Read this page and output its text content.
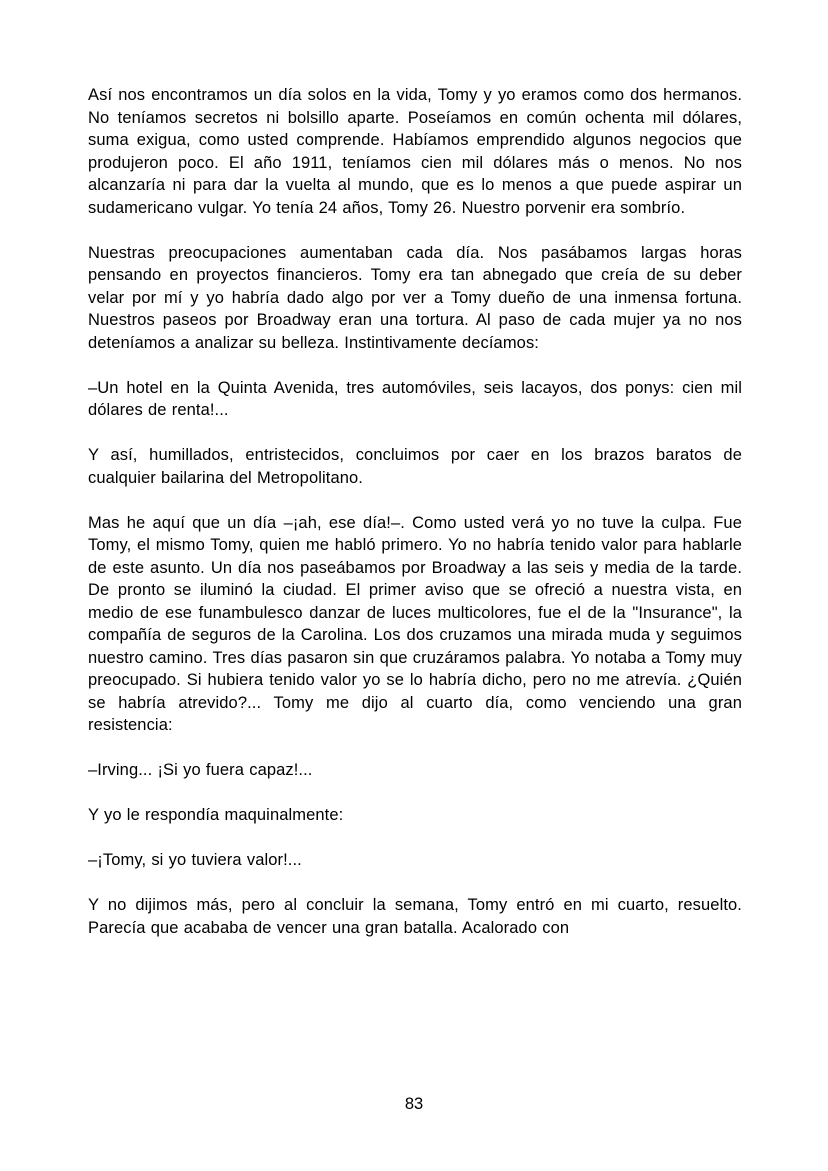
Así nos encontramos un día solos en la vida, Tomy y yo eramos como dos hermanos. No teníamos secretos ni bolsillo aparte. Poseíamos en común ochenta mil dólares, suma exigua, como usted comprende. Habíamos emprendido algunos negocios que produjeron poco. El año 1911, teníamos cien mil dólares más o menos. No nos alcanzaría ni para dar la vuelta al mundo, que es lo menos a que puede aspirar un sudamericano vulgar. Yo tenía 24 años, Tomy 26. Nuestro porvenir era sombrío.

Nuestras preocupaciones aumentaban cada día. Nos pasábamos largas horas pensando en proyectos financieros. Tomy era tan abnegado que creía de su deber velar por mí y yo habría dado algo por ver a Tomy dueño de una inmensa fortuna. Nuestros paseos por Broadway eran una tortura. Al paso de cada mujer ya no nos deteníamos a analizar su belleza. Instintivamente decíamos:

–Un hotel en la Quinta Avenida, tres automóviles, seis lacayos, dos ponys: cien mil dólares de renta!...

Y así, humillados, entristecidos, concluimos por caer en los brazos baratos de cualquier bailarina del Metropolitano.

Mas he aquí que un día –¡ah, ese día!–. Como usted verá yo no tuve la culpa. Fue Tomy, el mismo Tomy, quien me habló primero. Yo no habría tenido valor para hablarle de este asunto. Un día nos paseábamos por Broadway a las seis y media de la tarde. De pronto se iluminó la ciudad. El primer aviso que se ofreció a nuestra vista, en medio de ese funambulesco danzar de luces multicolores, fue el de la "Insurance", la compañía de seguros de la Carolina. Los dos cruzamos una mirada muda y seguimos nuestro camino. Tres días pasaron sin que cruzáramos palabra. Yo notaba a Tomy muy preocupado. Si hubiera tenido valor yo se lo habría dicho, pero no me atrevía. ¿Quién se habría atrevido?... Tomy me dijo al cuarto día, como venciendo una gran resistencia:

–Irving... ¡Si yo fuera capaz!...

Y yo le respondía maquinalmente:

–¡Tomy, si yo tuviera valor!...

Y no dijimos más, pero al concluir la semana, Tomy entró en mi cuarto, resuelto. Parecía que acababa de vencer una gran batalla. Acalorado con

83
